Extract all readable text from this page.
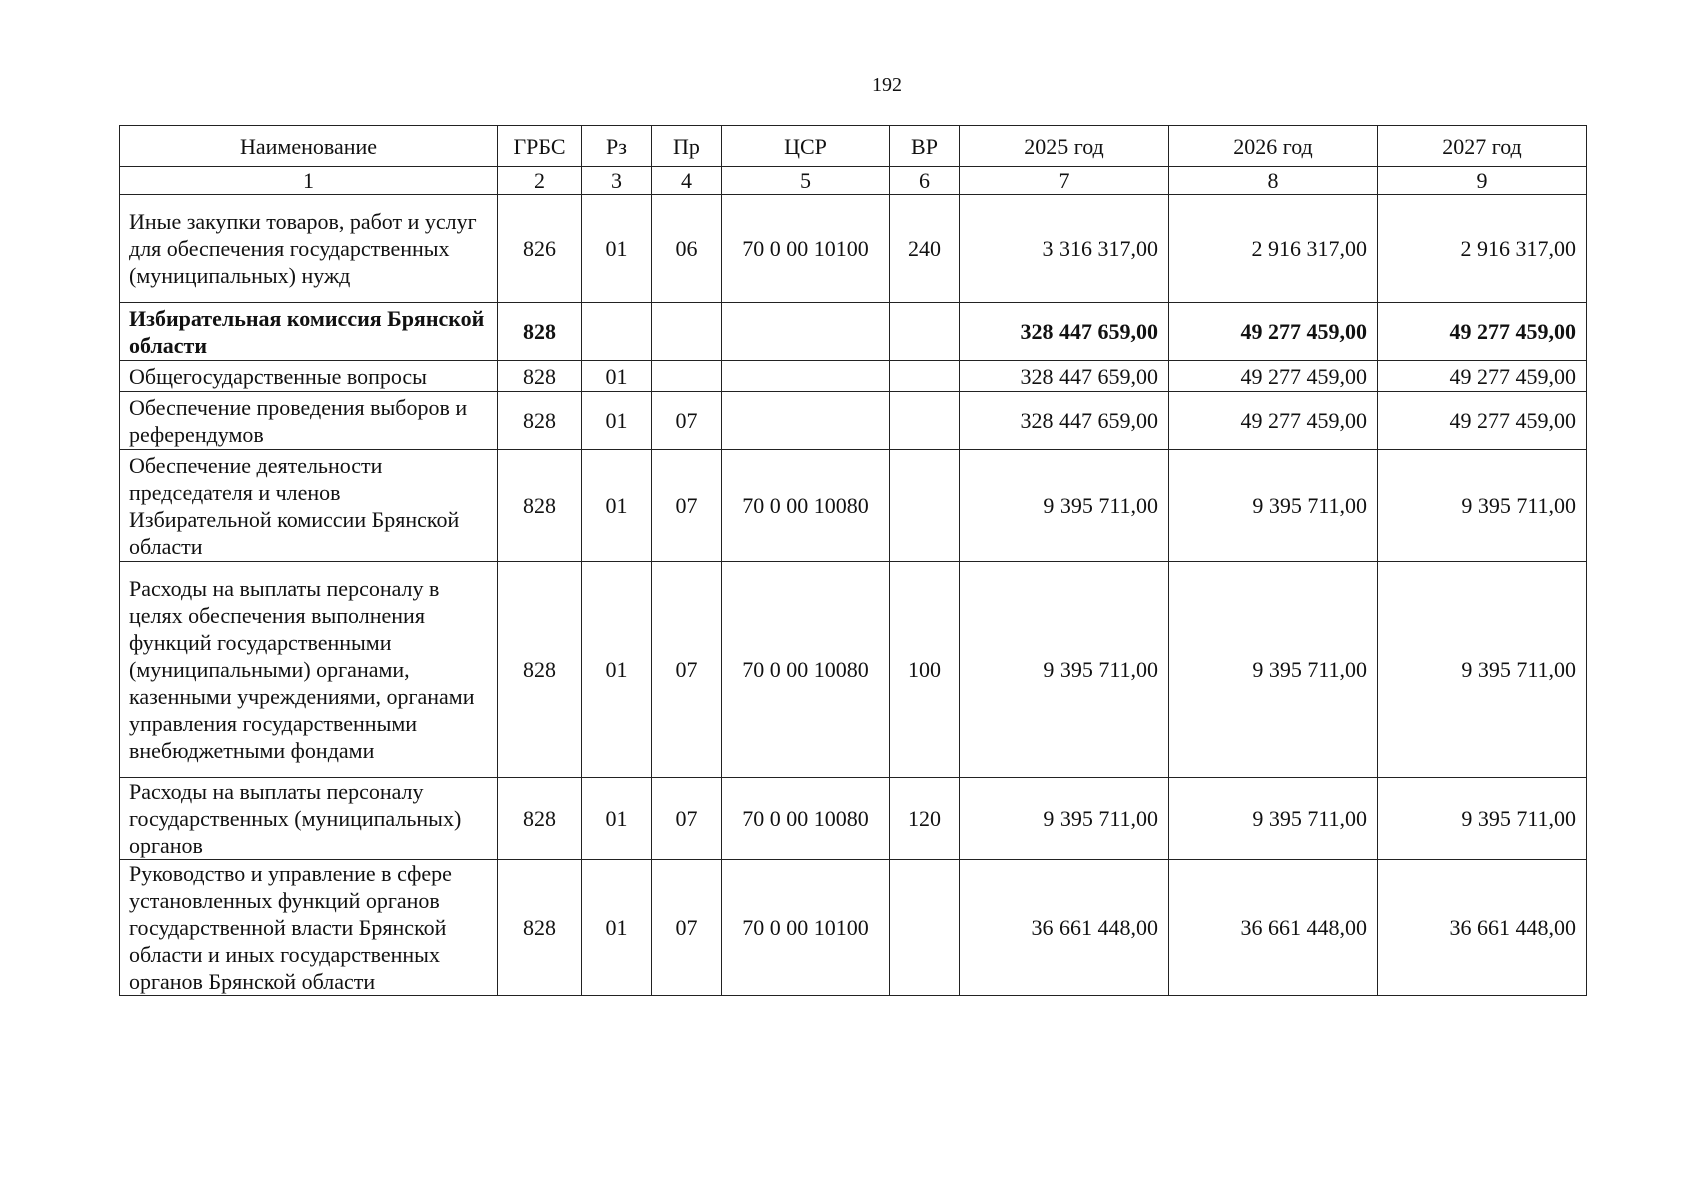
192
Наименование	ГРБС	Рз	Пр	ЦСР	ВР	2025 год	2026 год	2027 год
1	2	3	4	5	6	7	8	9
Иные закупки товаров, работ и услуг для обеспечения государственных (муниципальных) нужд	826	01	06	70 0 00 10100	240	3 316 317,00	2 916 317,00	2 916 317,00
Избирательная комиссия Брянской области	828					328 447 659,00	49 277 459,00	49 277 459,00
Общегосударственные вопросы	828	01				328 447 659,00	49 277 459,00	49 277 459,00
Обеспечение проведения выборов и референдумов	828	01	07			328 447 659,00	49 277 459,00	49 277 459,00
Обеспечение деятельности председателя и членов Избирательной комиссии Брянской области	828	01	07	70 0 00 10080		9 395 711,00	9 395 711,00	9 395 711,00
Расходы на выплаты персоналу в целях обеспечения выполнения функций государственными (муниципальными) органами, казенными учреждениями, органами управления государственными внебюджетными фондами	828	01	07	70 0 00 10080	100	9 395 711,00	9 395 711,00	9 395 711,00
Расходы на выплаты персоналу государственных (муниципальных) органов	828	01	07	70 0 00 10080	120	9 395 711,00	9 395 711,00	9 395 711,00
Руководство и управление в сфере установленных функций органов государственной власти Брянской области и иных государственных органов Брянской области	828	01	07	70 0 00 10100		36 661 448,00	36 661 448,00	36 661 448,00
